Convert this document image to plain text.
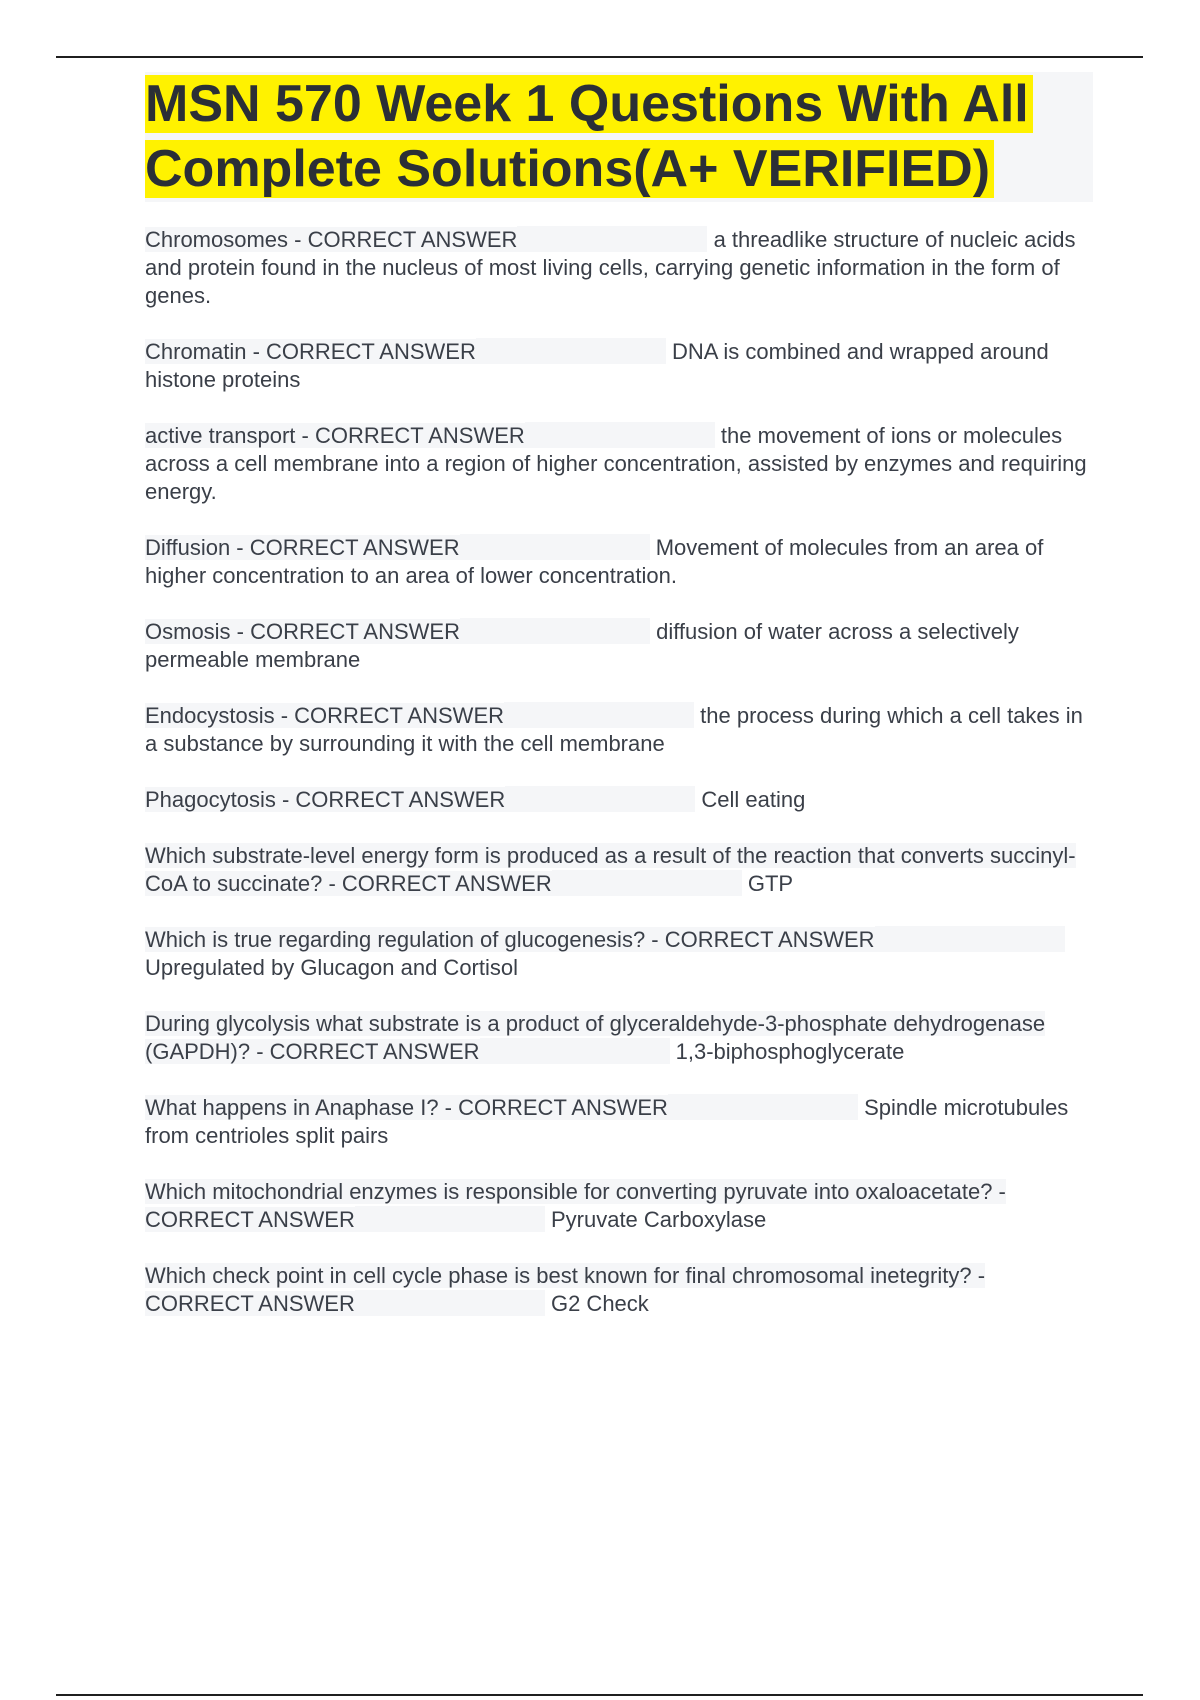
MSN 570 Week 1 Questions With All Complete Solutions(A+ VERIFIED)

Chromosomes - CORRECT ANSWER	a threadlike structure of nucleic acids and protein found in the nucleus of most living cells, carrying genetic information in the form of genes.

Chromatin - CORRECT ANSWER	DNA is combined and wrapped around histone proteins

active transport - CORRECT ANSWER	the movement of ions or molecules across a cell membrane into a region of higher concentration, assisted by enzymes and requiring energy.

Diffusion - CORRECT ANSWER	Movement of molecules from an area of higher concentration to an area of lower concentration.

Osmosis - CORRECT ANSWER	diffusion of water across a selectively permeable membrane

Endocystosis - CORRECT ANSWER	the process during which a cell takes in a substance by surrounding it with the cell membrane

Phagocytosis - CORRECT ANSWER	Cell eating

Which substrate-level energy form is produced as a result of the reaction that converts succinyl-CoA to succinate? - CORRECT ANSWER	GTP

Which is true regarding regulation of glucogenesis? - CORRECT ANSWER Upregulated by Glucagon and Cortisol

During glycolysis what substrate is a product of glyceraldehyde-3-phosphate dehydrogenase (GAPDH)? - CORRECT ANSWER	1,3-biphosphoglycerate

What happens in Anaphase I? - CORRECT ANSWER	Spindle microtubules from centrioles split pairs

Which mitochondrial enzymes is responsible for converting pyruvate into oxaloacetate? - CORRECT ANSWER	Pyruvate Carboxylase

Which check point in cell cycle phase is best known for final chromosomal inetegrity? - CORRECT ANSWER	G2 Check
